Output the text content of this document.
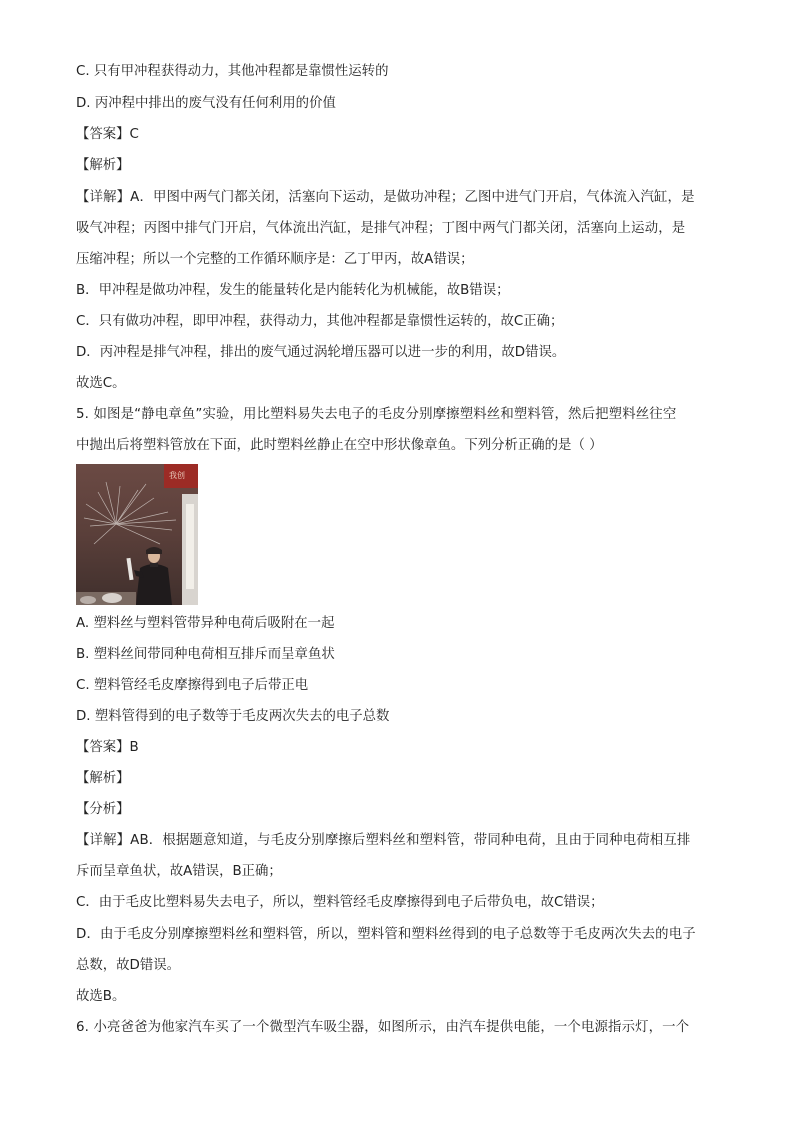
C. 只有甲冲程获得动力，其他冲程都是靠惯性运转的
D. 丙冲程中排出的废气没有任何利用的价值
【答案】C
【解析】
【详解】A．甲图中两气门都关闭，活塞向下运动，是做功冲程；乙图中进气门开启，气体流入汽缸，是
吸气冲程；丙图中排气门开启，气体流出汽缸，是排气冲程；丁图中两气门都关闭，活塞向上运动，是
压缩冲程；所以一个完整的工作循环顺序是：乙丁甲丙，故A错误；
B．甲冲程是做功冲程，发生的能量转化是内能转化为机械能，故B错误；
C．只有做功冲程，即甲冲程，获得动力，其他冲程都是靠惯性运转的，故C正确；
D．丙冲程是排气冲程，排出的废气通过涡轮增压器可以进一步的利用，故D错误。
故选C。
5. 如图是“静电章鱼”实验，用比塑料易失去电子的毛皮分别摩擦塑料丝和塑料管，然后把塑料丝往空
中抛出后将塑料管放在下面，此时塑料丝静止在空中形状像章鱼。下列分析正确的是（ ）
我创
A. 塑料丝与塑料管带异种电荷后吸附在一起
B. 塑料丝间带同种电荷相互排斥而呈章鱼状
C. 塑料管经毛皮摩擦得到电子后带正电
D. 塑料管得到的电子数等于毛皮两次失去的电子总数
【答案】B
【解析】
【分析】
【详解】AB．根据题意知道，与毛皮分别摩擦后塑料丝和塑料管，带同种电荷，且由于同种电荷相互排
斥而呈章鱼状，故A错误，B正确；
C．由于毛皮比塑料易失去电子，所以，塑料管经毛皮摩擦得到电子后带负电，故C错误；
D．由于毛皮分别摩擦塑料丝和塑料管，所以，塑料管和塑料丝得到的电子总数等于毛皮两次失去的电子
总数，故D错误。
故选B。
6. 小亮爸爸为他家汽车买了一个微型汽车吸尘器，如图所示，由汽车提供电能，一个电源指示灯，一个
